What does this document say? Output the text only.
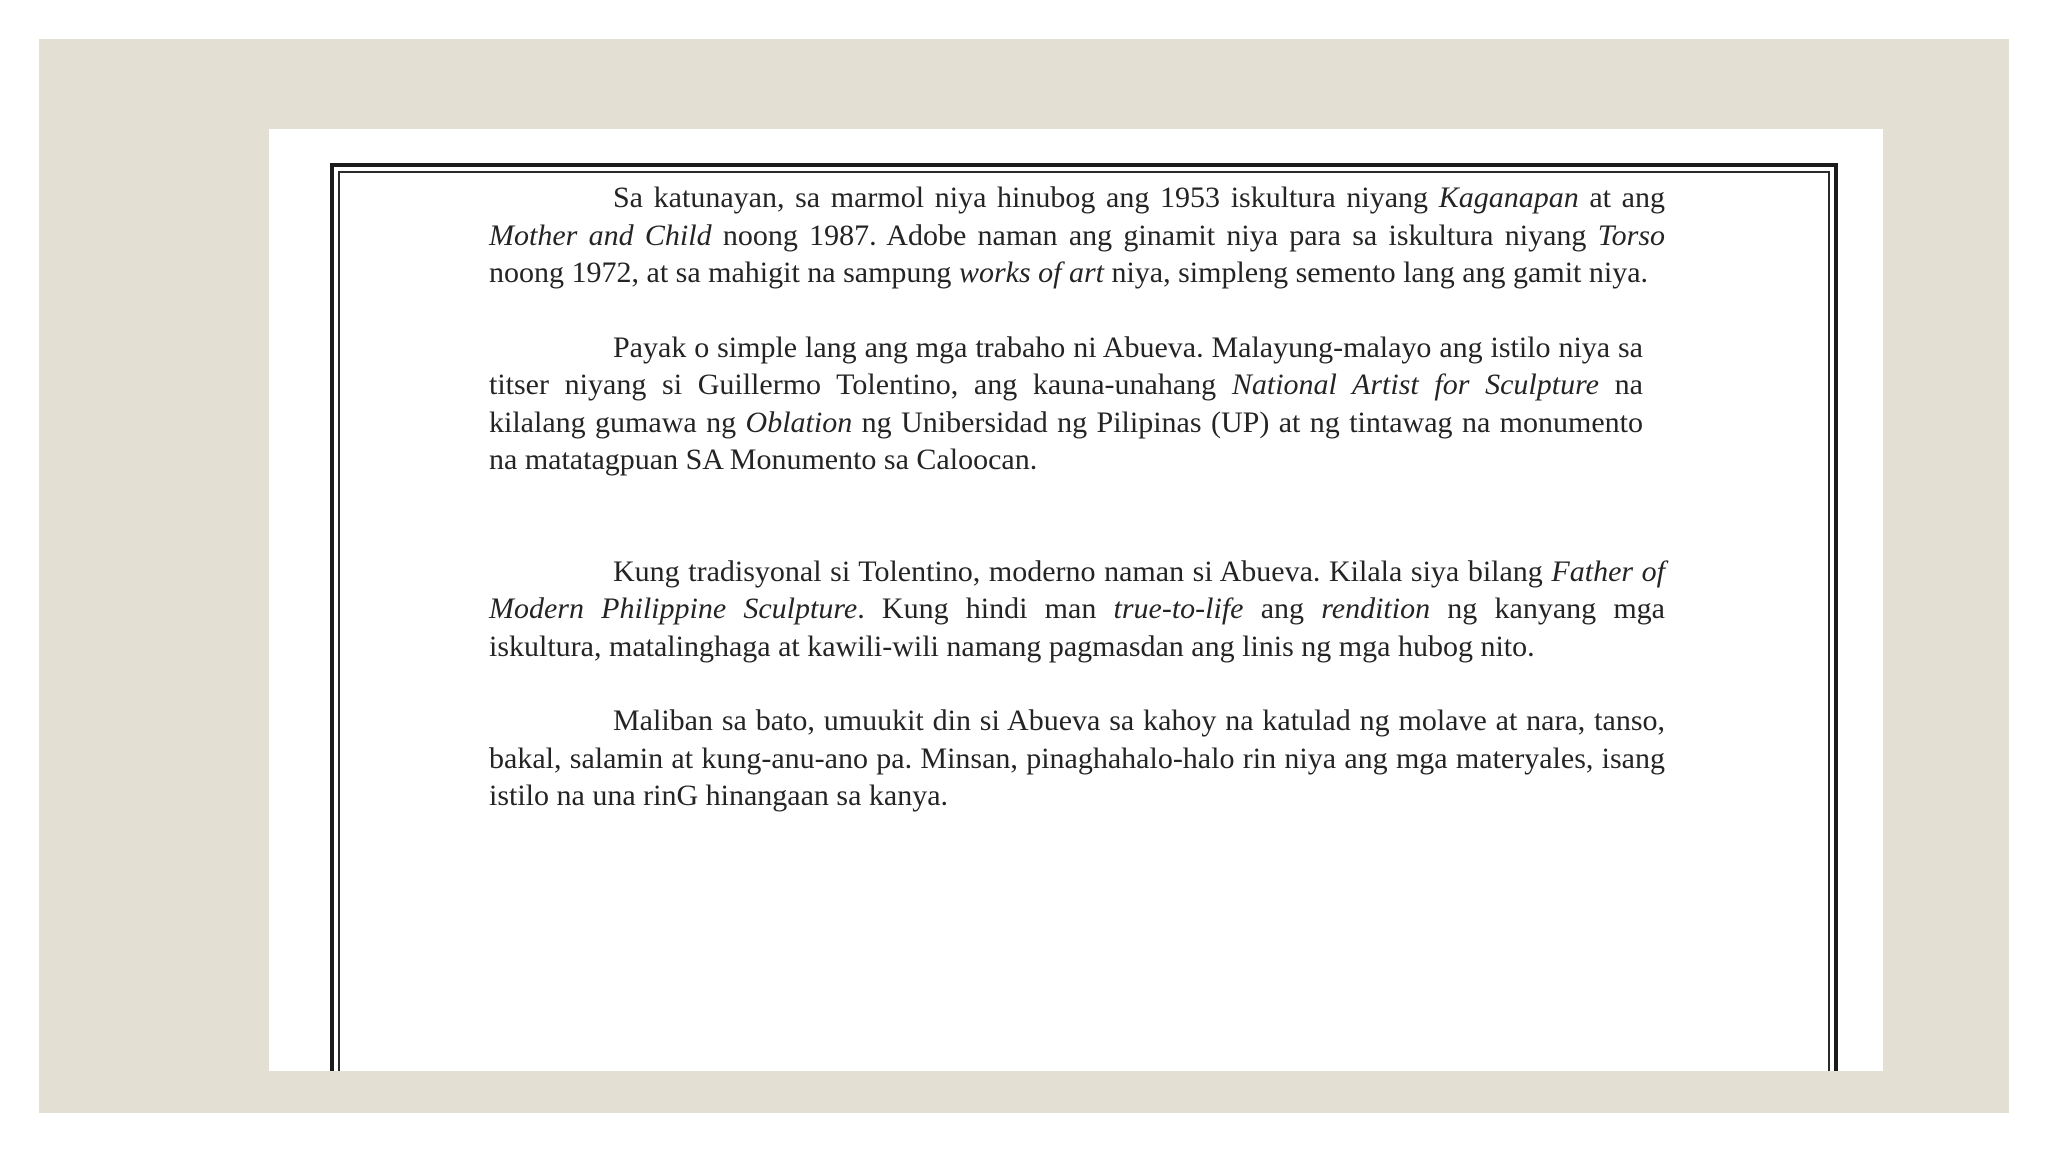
Sa katunayan, sa marmol niya hinubog ang 1953 iskultura niyang Kaganapan at ang Mother and Child noong 1987. Adobe naman ang ginamit niya para sa iskultura niyang Torso noong 1972, at sa mahigit na sampung works of art niya, simpleng semento lang ang gamit niya.

Payak o simple lang ang mga trabaho ni Abueva. Malayung-malayo ang istilo niya sa titser niyang si Guillermo Tolentino, ang kauna-unahang National Artist for Sculpture na kilalang gumawa ng Oblation ng Unibersidad ng Pilipinas (UP) at ng tintawag na monumento na matatagpuan SA Monumento sa Caloocan.

Kung tradisyonal si Tolentino, moderno naman si Abueva. Kilala siya bilang Father of Modern Philippine Sculpture. Kung hindi man true-to-life ang rendition ng kanyang mga iskultura, matalinghaga at kawili-wili namang pagmasdan ang linis ng mga hubog nito.

Maliban sa bato, umuukit din si Abueva sa kahoy na katulad ng molave at nara, tanso, bakal, salamin at kung-anu-ano pa. Minsan, pinaghahalo-halo rin niya ang mga materyales, isang istilo na una rinG hinangaan sa kanya.
